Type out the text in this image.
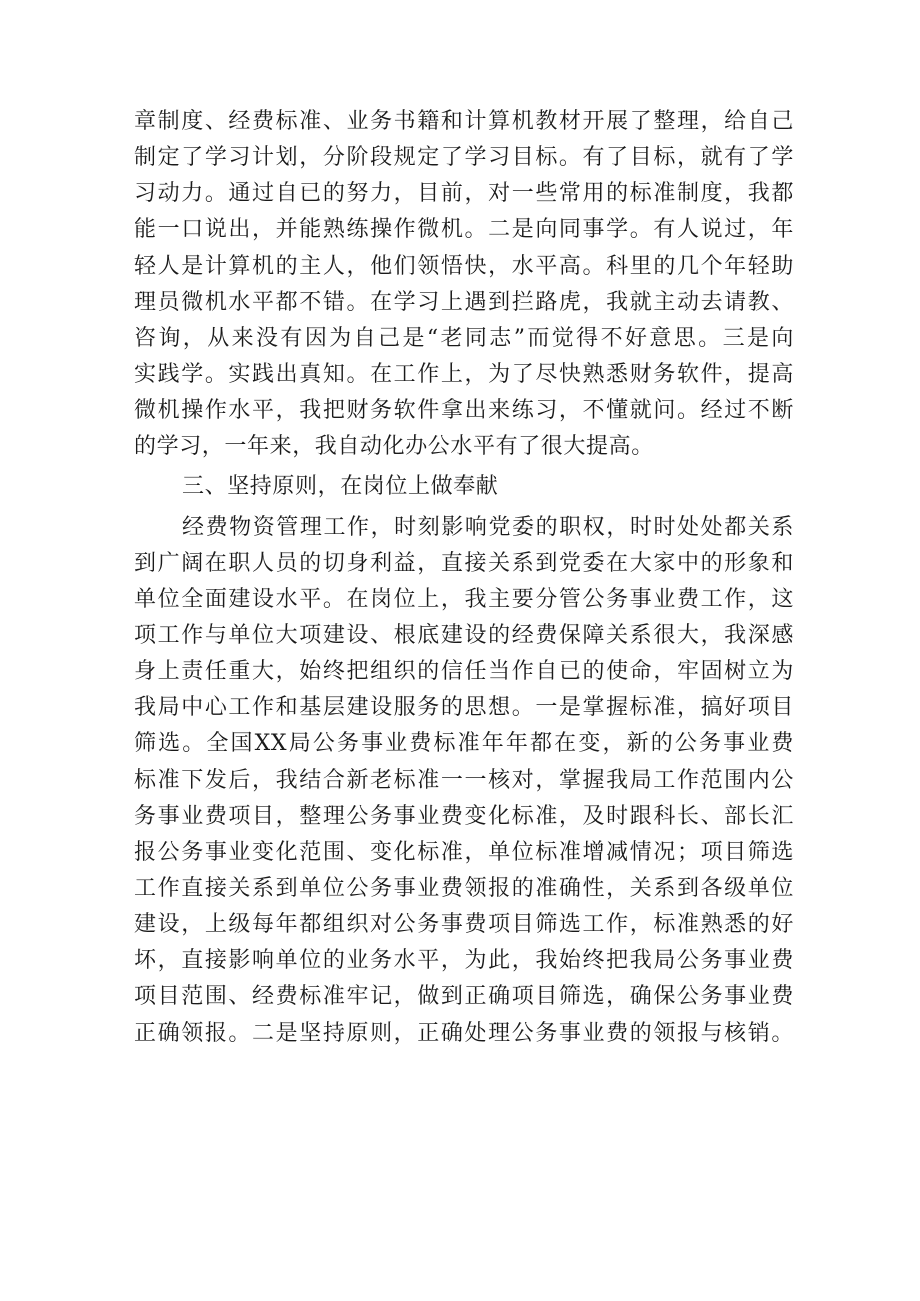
章制度、经费标准、业务书籍和计算机教材开展了整理，给自己
制定了学习计划，分阶段规定了学习目标。有了目标，就有了学
习动力。通过自已的努力，目前，对一些常用的标准制度，我都
能一口说出，并能熟练操作微机。二是向同事学。有人说过，年
轻人是计算机的主人，他们领悟快，水平高。科里的几个年轻助
理员微机水平都不错。在学习上遇到拦路虎，我就主动去请教、
咨询，从来没有因为自己是“老同志”而觉得不好意思。三是向
实践学。实践出真知。在工作上，为了尽快熟悉财务软件，提高
微机操作水平，我把财务软件拿出来练习，不懂就问。经过不断
的学习，一年来，我自动化办公水平有了很大提高。
三、坚持原则，在岗位上做奉献
经费物资管理工作，时刻影响党委的职权，时时处处都关系
到广阔在职人员的切身利益，直接关系到党委在大家中的形象和
单位全面建设水平。在岗位上，我主要分管公务事业费工作，这
项工作与单位大项建设、根底建设的经费保障关系很大，我深感
身上责任重大，始终把组织的信任当作自已的使命，牢固树立为
我局中心工作和基层建设服务的思想。一是掌握标准，搞好项目
筛选。全国XX局公务事业费标准年年都在变，新的公务事业费
标准下发后，我结合新老标准一一核对，掌握我局工作范围内公
务事业费项目，整理公务事业费变化标准，及时跟科长、部长汇
报公务事业变化范围、变化标准，单位标准增减情况；项目筛选
工作直接关系到单位公务事业费领报的准确性，关系到各级单位
建设，上级每年都组织对公务事费项目筛选工作，标准熟悉的好
坏，直接影响单位的业务水平，为此，我始终把我局公务事业费
项目范围、经费标准牢记，做到正确项目筛选，确保公务事业费
正确领报。二是坚持原则，正确处理公务事业费的领报与核销。
